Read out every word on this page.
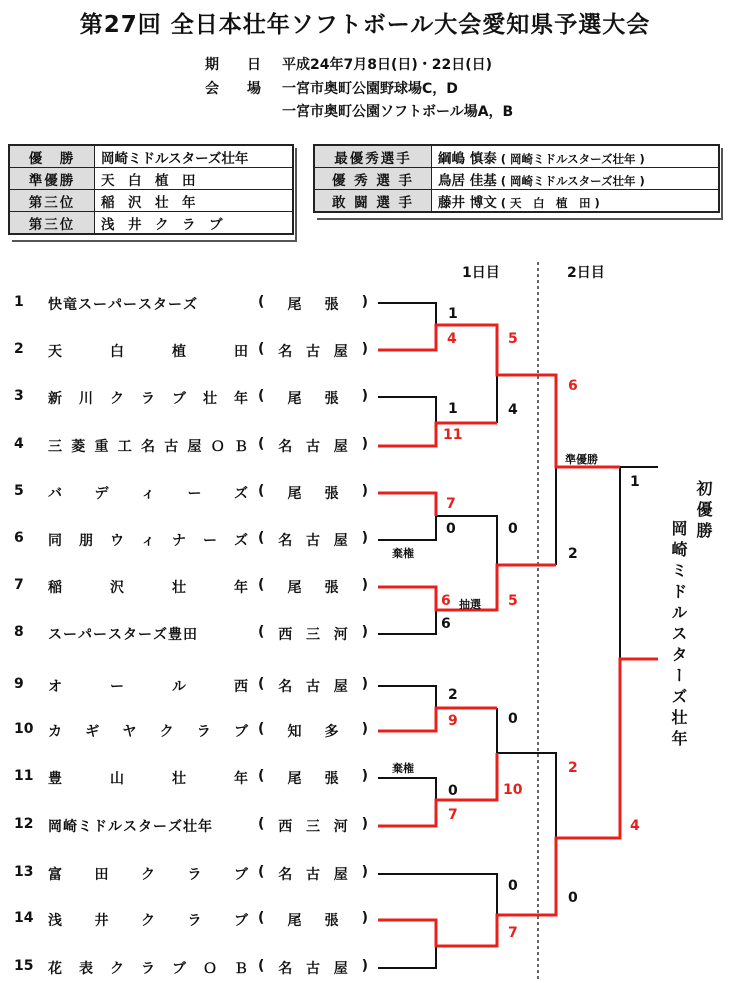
第27回 全日本壮年ソフトボール大会愛知県予選大会
期　　日 平成24年7月8日(日)・22日(日)
会　　場 一宮市奥町公園野球場C，D
一宮市奥町公園ソフトボール場A，B
優　勝	岡崎ミドルスターズ壮年
準優勝	天　白　植　田
第三位	稲　沢　壮　年
第三位	浅　井　ク　ラ　ブ
最優秀選手	綱嶋 慎泰 ( 岡崎ミドルスターズ壮年 )
優 秀 選 手	鳥居 佳基 ( 岡崎ミドルスターズ壮年 )
敢 闘 選 手	藤井 博文 ( 天　白　植　田 )
1日目	2日目
1	快 竜 ス ー パ ー ス タ ー ズ	( 尾 張 )
2	天	白	植	田 ( 名 古 屋 )
3	新 川 ク ラ ブ 壮 年 ( 尾 張 )
4	三 菱 重 工 名 古 屋 Ｏ Ｂ ( 名 古 屋 )
5	バ デ ィ ー ズ ( 尾 張 )
6	同 朋 ウ ィ ナ ー ズ ( 名 古 屋 )
7	稲	沢	壮	年 ( 尾 張 )
8	ス ー パ ー ス タ ー ズ 豊 田	( 西 三 河 )
9	オ	ー	ル	西 ( 名 古 屋 )
10	カ ギ ヤ ク ラ ブ ( 知 多 )
11	豊	山	壮	年 ( 尾 張 )
12	岡 崎 ミ ド ル ス タ ー ズ 壮 年	( 西 三 河 )
13	富 田 ク ラ ブ ( 名 古 屋 )
14	浅 井 ク ラ ブ ( 尾 張 )
15	花 表 ク ラ ブ Ｏ Ｂ ( 名 古 屋 )
1
4
1
11
7
0
6
6
2
9
0
7
5
4
0
5
0
10
0
7
6
2
2
0
1
4
棄権
抽選
棄権
準優勝
初優勝
岡崎ミドルスターズ壮年
